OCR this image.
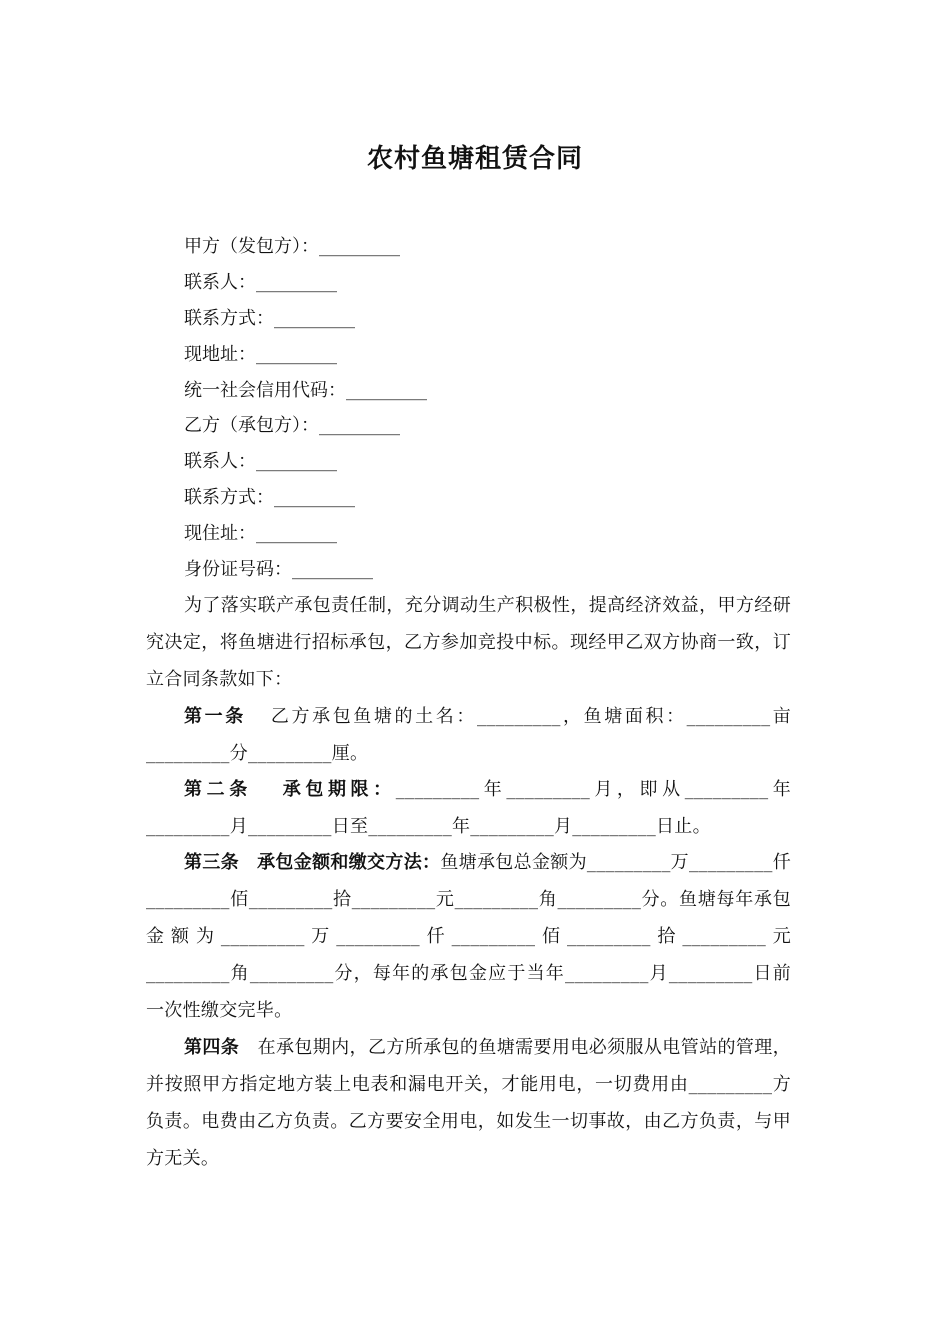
农村鱼塘租赁合同
甲方（发包方）：_________
联系人：_________
联系方式：_________
现地址：_________
统一社会信用代码：_________
乙方（承包方）：_________
联系人：_________
联系方式：_________
现住址：_________
身份证号码：_________

为了落实联产承包责任制，充分调动生产积极性，提高经济效益，甲方经研究决定，将鱼塘进行招标承包，乙方参加竞投中标。现经甲乙双方协商一致，订立合同条款如下：

第一条 乙方承包鱼塘的土名：_________，鱼塘面积：_________亩_________分_________厘。

第二条 承包期限：_________年_________月，即从_________年_________月_________日至_________年_________月_________日止。

第三条 承包金额和缴交方法：鱼塘承包总金额为_________万_________仟_________佰_________拾_________元_________角_________分。鱼塘每年承包金额为_________万_________仟_________佰_________拾_________元_________角_________分，每年的承包金应于当年_________月_________日前一次性缴交完毕。

第四条 在承包期内，乙方所承包的鱼塘需要用电必须服从电管站的管理，并按照甲方指定地方装上电表和漏电开关，才能用电，一切费用由_________方负责。电费由乙方负责。乙方要安全用电，如发生一切事故，由乙方负责，与甲方无关。
